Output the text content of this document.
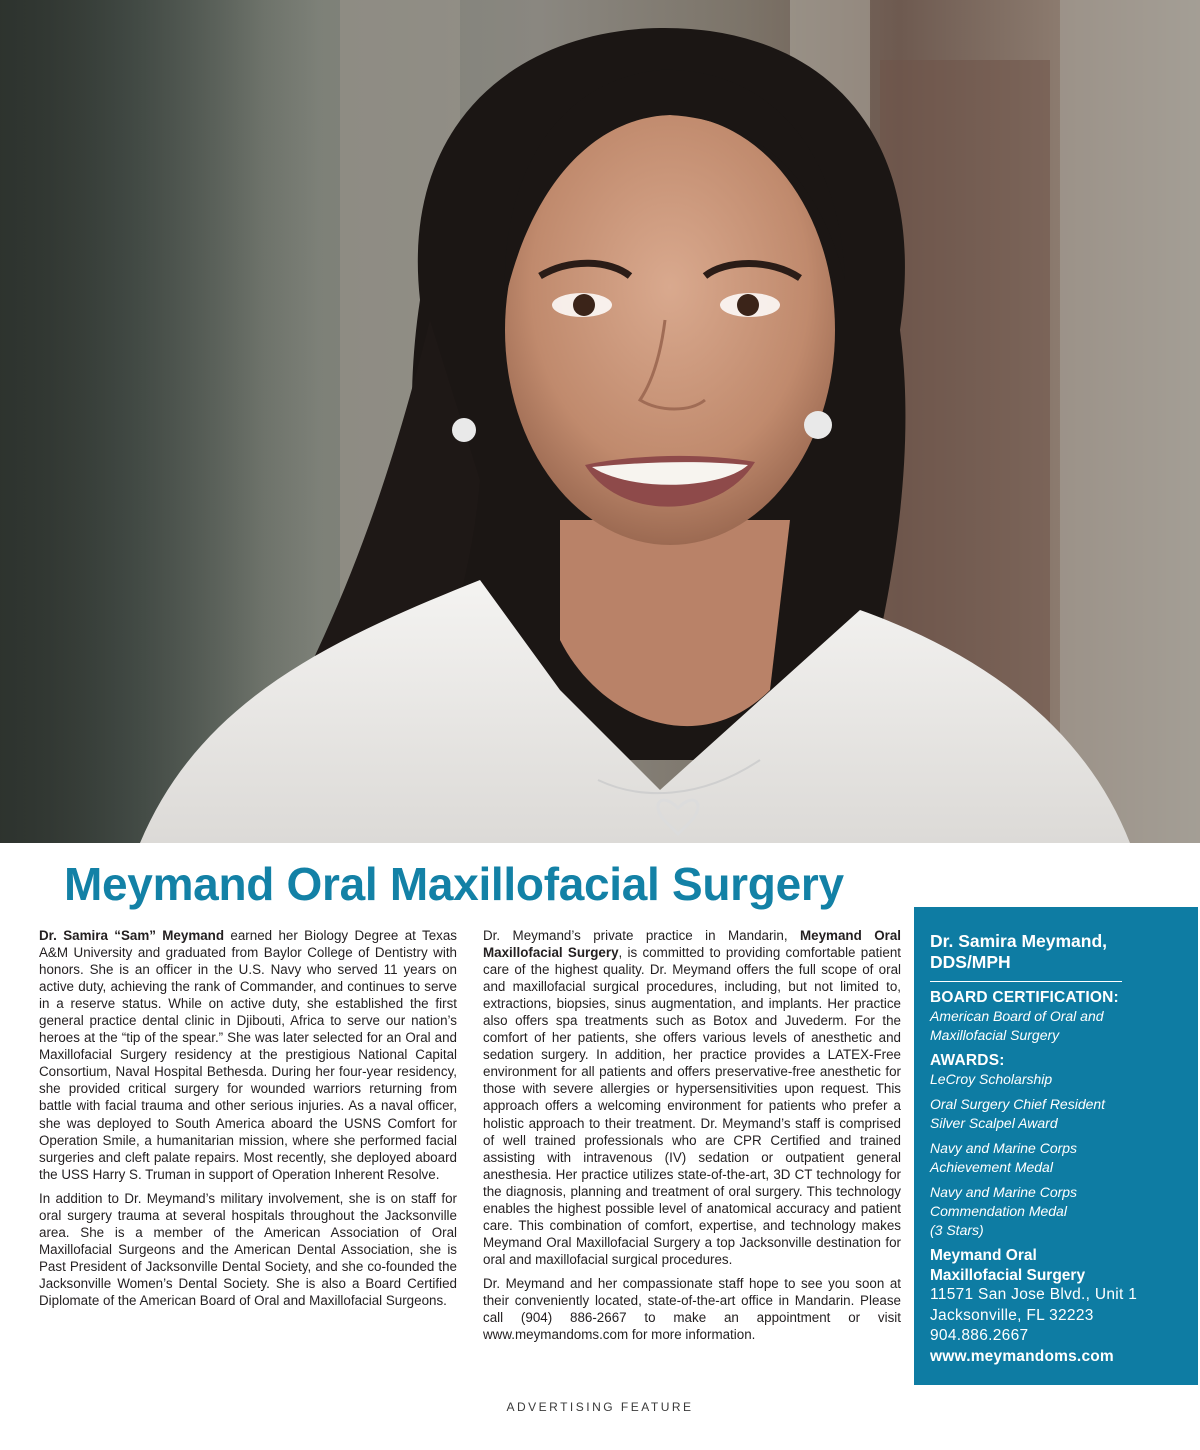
Meymand Oral Maxillofacial Surgery

Dr. Samira “Sam” Meymand earned her Biology Degree at Texas A&M University and graduated from Baylor College of Dentistry with honors. She is an officer in the U.S. Navy who served 11 years on active duty, achieving the rank of Commander, and continues to serve in a reserve status. While on active duty, she established the first general practice dental clinic in Djibouti, Africa to serve our nation’s heroes at the “tip of the spear.” She was later selected for an Oral and Maxillofacial Surgery residency at the prestigious National Capital Consortium, Naval Hospital Bethesda. During her four-year residency, she provided critical surgery for wounded warriors returning from battle with facial trauma and other serious injuries. As a naval officer, she was deployed to South America aboard the USNS Comfort for Operation Smile, a humanitarian mission, where she performed facial surgeries and cleft palate repairs. Most recently, she deployed aboard the USS Harry S. Truman in support of Operation Inherent Resolve.

In addition to Dr. Meymand’s military involvement, she is on staff for oral surgery trauma at several hospitals throughout the Jacksonville area. She is a member of the American Association of Oral Maxillofacial Surgeons and the American Dental Association, she is Past President of Jacksonville Dental Society, and she co-founded the Jacksonville Women’s Dental Society. She is also a Board Certified Diplomate of the American Board of Oral and Maxillofacial Surgeons.

Dr. Meymand’s private practice in Mandarin, Meymand Oral Maxillofacial Surgery, is committed to providing comfortable patient care of the highest quality. Dr. Meymand offers the full scope of oral and maxillofacial surgical procedures, including, but not limited to, extractions, biopsies, sinus augmentation, and implants. Her practice also offers spa treatments such as Botox and Juvederm. For the comfort of her patients, she offers various levels of anesthetic and sedation surgery. In addition, her practice provides a LATEX-Free environment for all patients and offers preservative-free anesthetic for those with severe allergies or hypersensitivities upon request. This approach offers a welcoming environment for patients who prefer a holistic approach to their treatment. Dr. Meymand’s staff is comprised of well trained professionals who are CPR Certified and trained assisting with intravenous (IV) sedation or outpatient general anesthesia. Her practice utilizes state-of-the-art, 3D CT technology for the diagnosis, planning and treatment of oral surgery. This technology enables the highest possible level of anatomical accuracy and patient care. This combination of comfort, expertise, and technology makes Meymand Oral Maxillofacial Surgery a top Jacksonville destination for oral and maxillofacial surgical procedures.

Dr. Meymand and her compassionate staff hope to see you soon at their conveniently located, state-of-the-art office in Mandarin. Please call (904) 886-2667 to make an appointment or visit www.meymandoms.com for more information.

Dr. Samira Meymand,

DDS/MPH

BOARD CERTIFICATION:

American Board of Oral and

Maxillofacial Surgery

AWARDS:

LeCroy Scholarship

Oral Surgery Chief Resident

Silver Scalpel Award

Navy and Marine Corps

Achievement Medal

Navy and Marine Corps

Commendation Medal

(3 Stars)

Meymand Oral

Maxillofacial Surgery

11571 San Jose Blvd., Unit 1

Jacksonville, FL 32223

904.886.2667

www.meymandoms.com

ADVERTISING FEATURE
